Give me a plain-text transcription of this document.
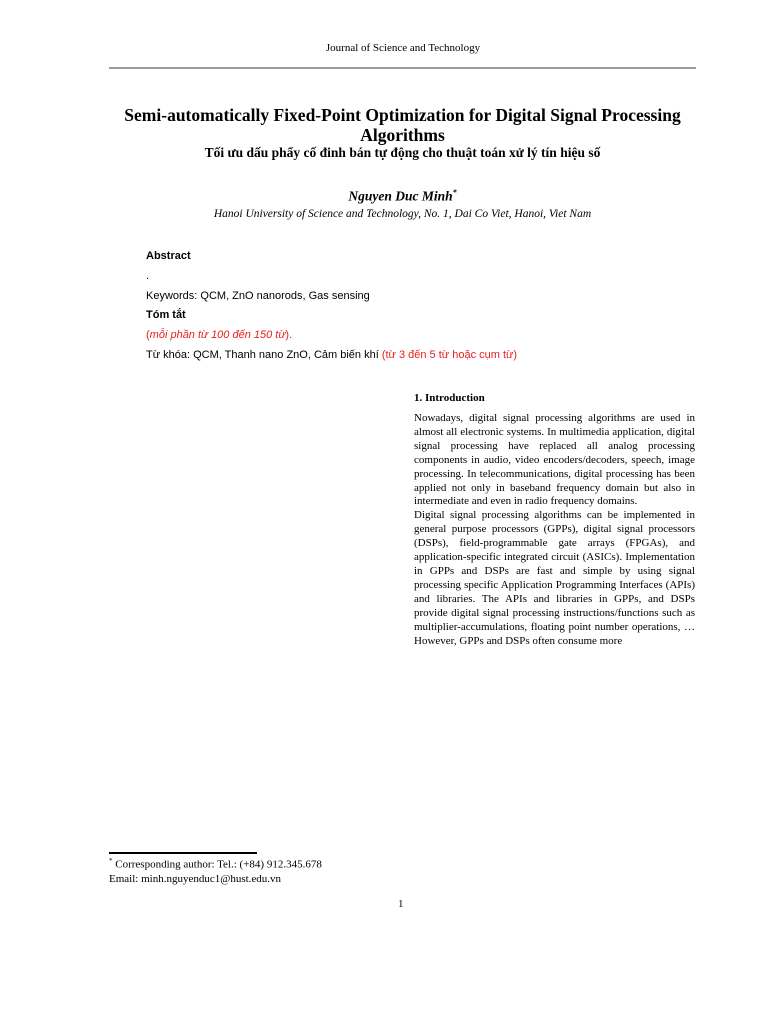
Journal of Science and Technology
Semi-automatically Fixed-Point Optimization for Digital Signal Processing Algorithms
Tối ưu dấu phẩy cố đinh bán tự động cho thuật toán xử lý tín hiệu số
Nguyen Duc Minh*
Hanoi University of Science and Technology, No. 1, Dai Co Viet, Hanoi, Viet Nam
Abstract
.
Keywords: QCM, ZnO nanorods, Gas sensing
Tóm tắt
(mỗi phần từ 100 đến 150 từ).
Từ khóa: QCM, Thanh nano ZnO, Cảm biến khí (từ 3 đến 5 từ hoặc cụm từ)
1. Introduction

Nowadays, digital signal processing algorithms are used in almost all electronic systems. In multimedia application, digital signal processing have replaced all analog processing components in audio, video encoders/decoders, speech, image processing. In telecommunications, digital processing has been applied not only in baseband frequency domain but also in intermediate and even in radio frequency domains.

Digital signal processing algorithms can be implemented in general purpose processors (GPPs), digital signal processors (DSPs), field-programmable gate arrays (FPGAs), and application-specific integrated circuit (ASICs). Implementation in GPPs and DSPs are fast and simple by using signal processing specific Application Programming Interfaces (APIs) and libraries. The APIs and libraries in GPPs, and DSPs provide digital signal processing instructions/functions such as multiplier-accumulations, floating point number operations, … However, GPPs and DSPs often consume more

* Corresponding author: Tel.: (+84) 912.345.678
Email: minh.nguyenduc1@hust.edu.vn
1
